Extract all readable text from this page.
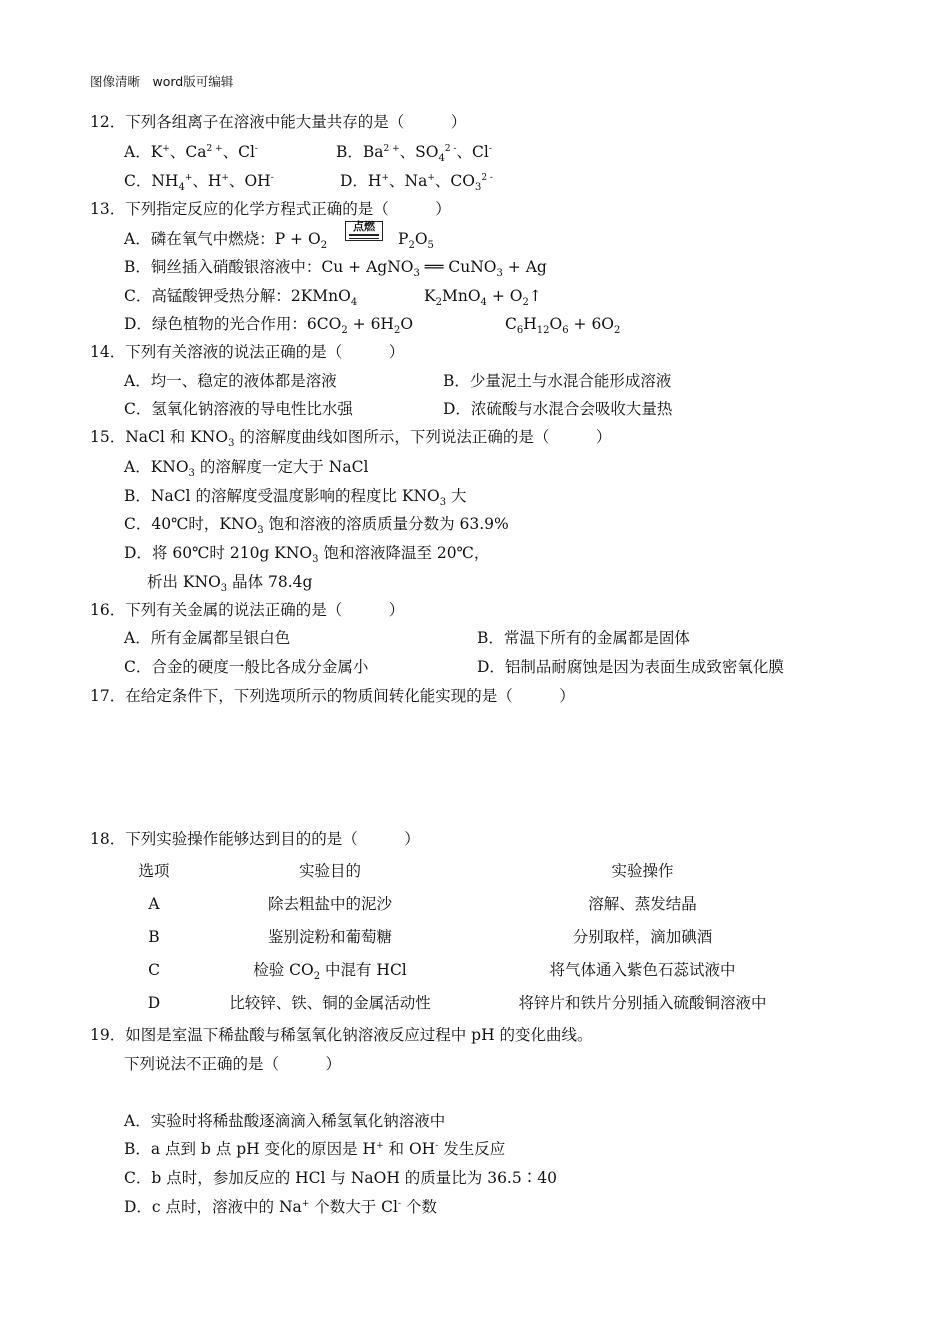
图像清晰　word版可编辑
12．下列各组离子在溶液中能大量共存的是（　　　）
A．K+、$Ca^{2 +}$、Cl-	B．$Ba^{2 +}$、$SO_4^{2 -}$、Cl-
C．$NH_4^+$、H+、OH-	D．H+、Na+、$CO_3^{2 -}$
13．下列指定反应的化学方程式正确的是（　　　）
A．磷在氧气中燃烧：$P + O_2$
点燃
$P_2O_5$
B．铜丝插入硝酸银溶液中：Cu + AgNO$_3$ ══ CuNO$_3$ + Ag
C．高锰酸钾受热分解：2KMnO$_4$	$K_2MnO_4$ + $O_2↑$
D．绿色植物的光合作用：$6CO_2 + 6H_2O$	$C_6H_{12}O_6 + 6O_2$
14．下列有关溶液的说法正确的是（　　　）
A．均一、稳定的液体都是溶液	B．少量泥土与水混合能形成溶液
C．氢氧化钠溶液的导电性比水强	D．浓硫酸与水混合会吸收大量热
15．NaCl 和 $KNO_3$ 的溶解度曲线如图所示，下列说法正确的是（　　　）
A．$KNO_3$ 的溶解度一定大于 NaCl
B．NaCl 的溶解度受温度影响的程度比 $KNO_3$ 大
C．40℃时，$KNO_3$ 饱和溶液的溶质质量分数为 63.9%
D．将 60℃时 210g $KNO_3$ 饱和溶液降温至 20℃，
析出 $KNO_3$ 晶体 78.4g
16．下列有关金属的说法正确的是（　　　）
A．所有金属都呈银白色	B．常温下所有的金属都是固体
C．合金的硬度一般比各成分金属小	D．铝制品耐腐蚀是因为表面生成致密氧化膜
17．在给定条件下，下列选项所示的物质间转化能实现的是（　　　）
18．下列实验操作能够达到目的的是（　　　）
选项	实验目的	实验操作
A	除去粗盐中的泥沙	溶解、蒸发结晶
B	鉴别淀粉和葡萄糖	分别取样，滴加碘酒
C	检验 $CO_2$ 中混有 HCl	将气体通入紫色石蕊试液中
D	比较锌、铁、铜的金属活动性	将锌片和铁片分别插入硫酸铜溶液中
19．如图是室温下稀盐酸与稀氢氧化钠溶液反应过程中 pH 的变化曲线。
下列说法不正确的是（　　　）
A．实验时将稀盐酸逐滴滴入稀氢氧化钠溶液中
B．a 点到 b 点 pH 变化的原因是 H+ 和 OH- 发生反应
C．b 点时，参加反应的 HCl 与 NaOH 的质量比为 36.5∶40
D．c 点时，溶液中的 Na+ 个数大于 Cl- 个数
